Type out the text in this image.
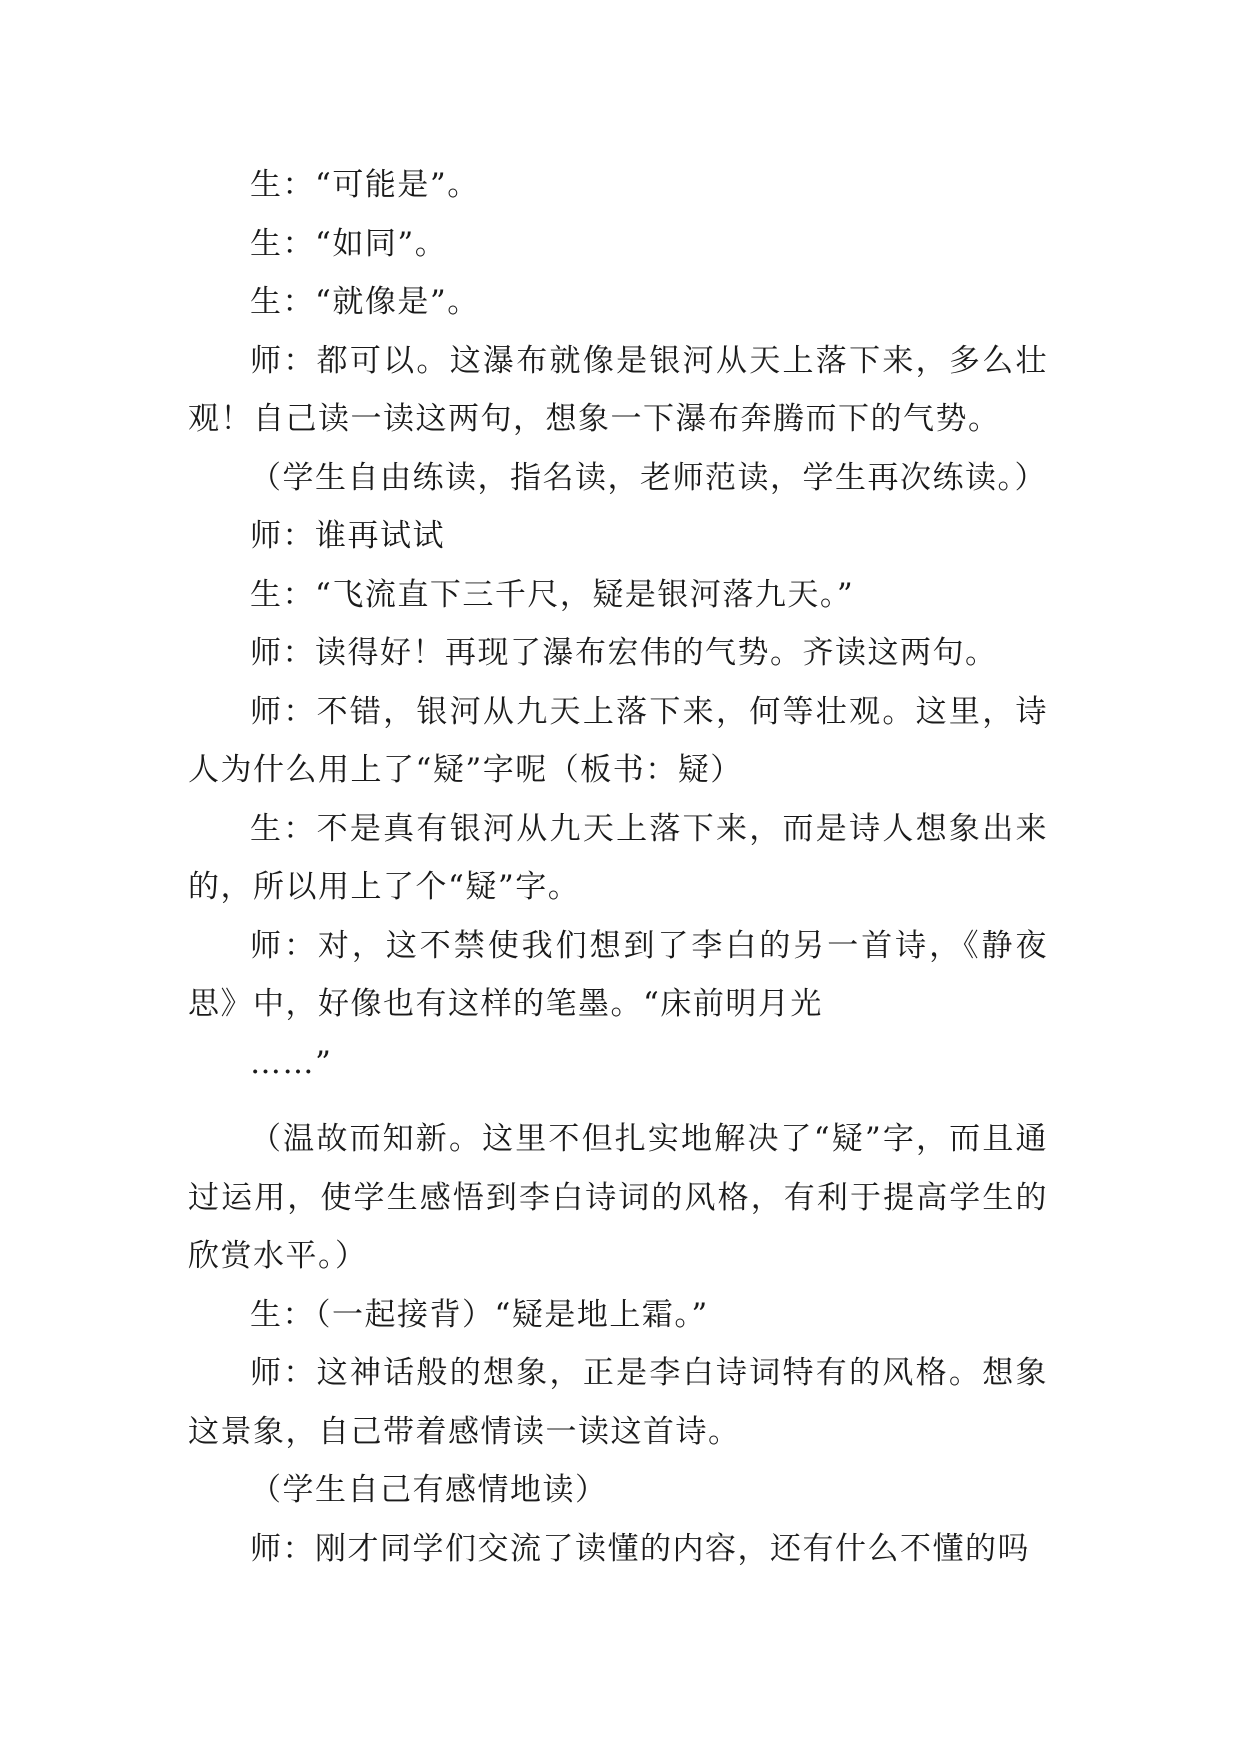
生：“可能是”。

生：“如同”。

生：“就像是”。

师：都可以。这瀑布就像是银河从天上落下来，多么壮观！自己读一读这两句，想象一下瀑布奔腾而下的气势。

（学生自由练读，指名读，老师范读，学生再次练读。）

师：谁再试试

生：“飞流直下三千尺，疑是银河落九天。”

师：读得好！再现了瀑布宏伟的气势。齐读这两句。

师：不错，银河从九天上落下来，何等壮观。这里，诗人为什么用上了“疑”字呢（板书：疑）

生：不是真有银河从九天上落下来，而是诗人想象出来的，所以用上了个“疑”字。

师：对，这不禁使我们想到了李白的另一首诗，《静夜思》中，好像也有这样的笔墨。“床前明月光

……”

（温故而知新。这里不但扎实地解决了“疑”字，而且通过运用，使学生感悟到李白诗词的风格，有利于提高学生的欣赏水平。）

生：（一起接背）“疑是地上霜。”

师：这神话般的想象，正是李白诗词特有的风格。想象这景象，自己带着感情读一读这首诗。

（学生自己有感情地读）

师：刚才同学们交流了读懂的内容，还有什么不懂的吗
